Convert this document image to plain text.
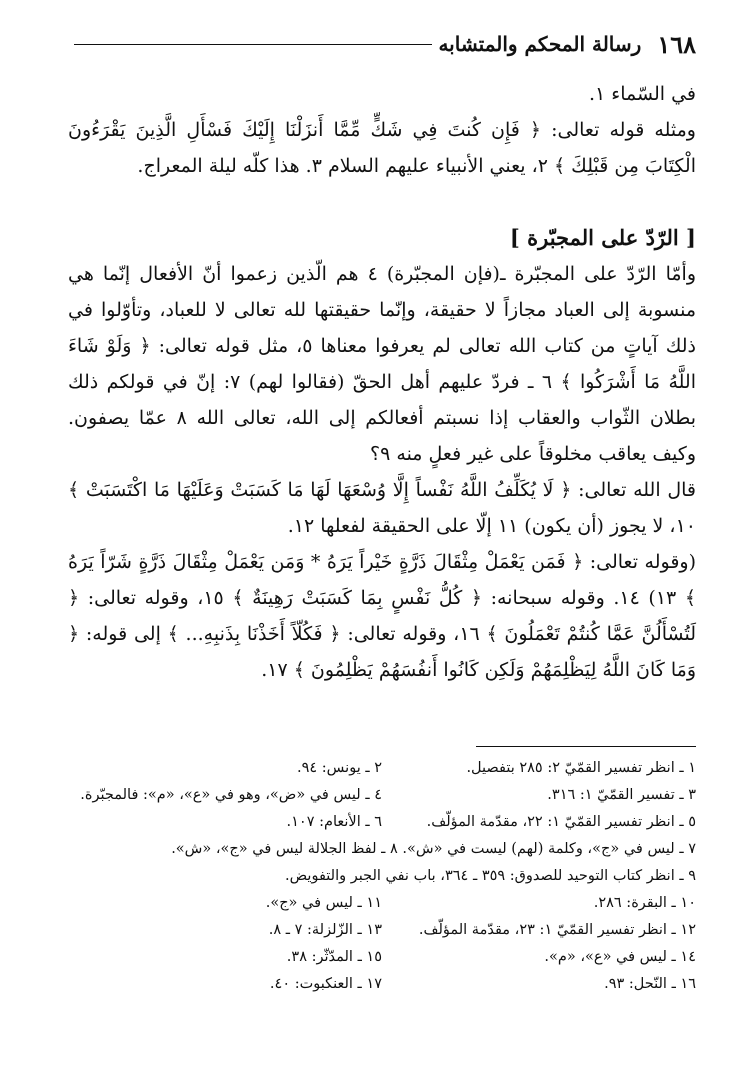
١٦٨
رسالة المحكم والمتشابه

في السّماء ١.

ومثله قوله تعالى: ﴿ فَإِن كُنتَ فِي شَكٍّ مِّمَّا أَنزَلْنَا إِلَيْكَ فَسْأَلِ الَّذِينَ يَقْرَءُونَ الْكِتَابَ مِن قَبْلِكَ ﴾ ٢، يعني الأنبياء عليهم السلام ٣. هذا كلّه ليلة المعراج.

[ الرّدّ على المجبّرة ]

وأمّا الرّدّ على المجبّرة ـ(فإن المجبّرة) ٤ هم الّذين زعموا أنّ الأفعال إنّما هي منسوبة إلى العباد مجازاً لا حقيقة، وإنّما حقيقتها لله تعالى لا للعباد، وتأوّلوا في ذلك آياتٍ من كتاب الله تعالى لم يعرفوا معناها ٥، مثل قوله تعالى: ﴿ وَلَوْ شَاءَ اللَّهُ مَا أَشْرَكُوا ﴾ ٦ ـ فردّ عليهم أهل الحقّ (فقالوا لهم) ٧: إنّ في قولكم ذلك بطلان الثّواب والعقاب إذا نسبتم أفعالكم إلى الله، تعالى الله ٨ عمّا يصفون. وكيف يعاقب مخلوقاً على غير فعلٍ منه ٩؟

قال الله تعالى: ﴿ لَا يُكَلِّفُ اللَّهُ نَفْساً إِلَّا وُسْعَهَا لَهَا مَا كَسَبَتْ وَعَلَيْهَا مَا اكْتَسَبَتْ ﴾ ١٠، لا يجوز (أن يكون) ١١ إلّا على الحقيقة لفعلها ١٢.

(وقوله تعالى: ﴿ فَمَن يَعْمَلْ مِثْقَالَ ذَرَّةٍ خَيْراً يَرَهُ * وَمَن يَعْمَلْ مِثْقَالَ ذَرَّةٍ شَرّاً يَرَهُ ﴾ ١٣) ١٤. وقوله سبحانه: ﴿ كُلُّ نَفْسٍ بِمَا كَسَبَتْ رَهِينَةٌ ﴾ ١٥، وقوله تعالى: ﴿ لَتُسْأَلُنَّ عَمَّا كُنتُمْ تَعْمَلُونَ ﴾ ١٦، وقوله تعالى: ﴿ فَكُلّاً أَخَذْنَا بِذَنبِهِ... ﴾ إلى قوله: ﴿ وَمَا كَانَ اللَّهُ لِيَظْلِمَهُمْ وَلَكِن كَانُوا أَنفُسَهُمْ يَظْلِمُونَ ﴾ ١٧.

١ ـ انظر تفسير القمّيّ ٢: ٢٨٥ بتفصيل.
٢ ـ يونس: ٩٤.
٣ ـ تفسير القمّيّ ١: ٣١٦.
٤ ـ ليس في «ض»، وهو في «ع»، «م»: فالمجبّرة.
٥ ـ انظر تفسير القمّيّ ١: ٢٢، مقدّمة المؤلّف.
٦ ـ الأنعام: ١٠٧.
٧ ـ ليس في «ج»، وكلمة (لهم) ليست في «ش». ٨ ـ لفظ الجلالة ليس في «ج»، «ش».
٩ ـ انظر كتاب التوحيد للصدوق: ٣٥٩ ـ ٣٦٤، باب نفي الجبر والتفويض.
١٠ ـ البقرة: ٢٨٦.
١١ ـ ليس في «ج».
١٢ ـ انظر تفسير القمّيّ ١: ٢٣، مقدّمة المؤلّف.
١٣ ـ الزّلزلة: ٧ ـ ٨.
١٤ ـ ليس في «ع»، «م».
١٥ ـ المدّثّر: ٣٨.
١٦ ـ النّحل: ٩٣.
١٧ ـ العنكبوت: ٤٠.
